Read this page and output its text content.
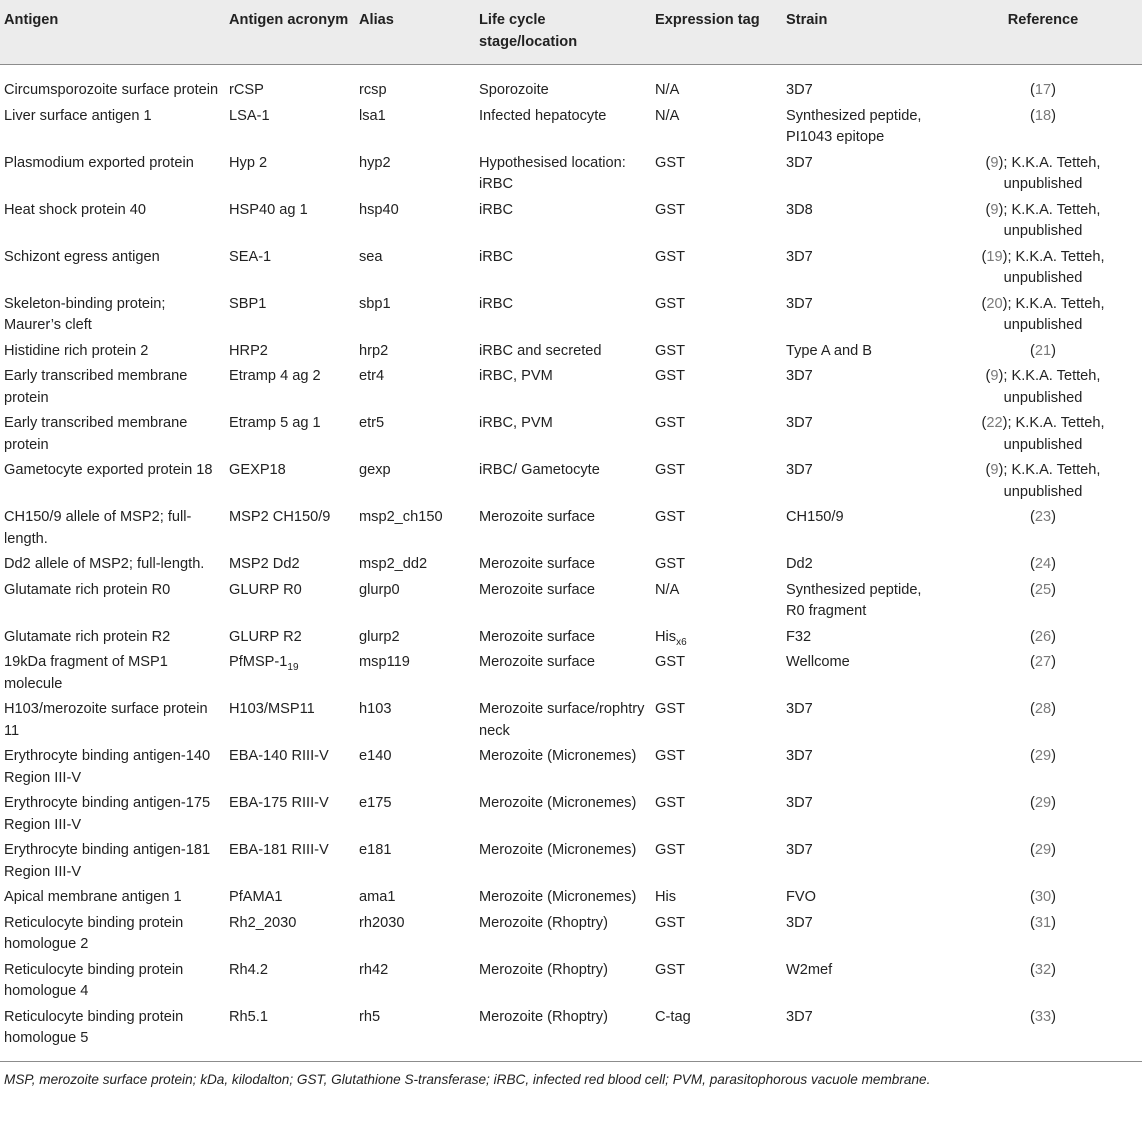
Antigen	Antigen acronym	Alias	Life cycle stage/location	Expression tag	Strain	Reference
Circumsporozoite surface protein	rCSP	rcsp	Sporozoite	N/A	3D7	(17)
Liver surface antigen 1	LSA-1	lsa1	Infected hepatocyte	N/A	Synthesized peptide, PI1043 epitope	(18)
Plasmodium exported protein	Hyp 2	hyp2	Hypothesised location: iRBC	GST	3D7	(9); K.K.A. Tetteh, unpublished
Heat shock protein 40	HSP40 ag 1	hsp40	iRBC	GST	3D8	(9); K.K.A. Tetteh, unpublished
Schizont egress antigen	SEA-1	sea	iRBC	GST	3D7	(19); K.K.A. Tetteh, unpublished
Skeleton-binding protein; Maurer’s cleft	SBP1	sbp1	iRBC	GST	3D7	(20); K.K.A. Tetteh, unpublished
Histidine rich protein 2	HRP2	hrp2	iRBC and secreted	GST	Type A and B	(21)
Early transcribed membrane protein	Etramp 4 ag 2	etr4	iRBC, PVM	GST	3D7	(9); K.K.A. Tetteh, unpublished
Early transcribed membrane protein	Etramp 5 ag 1	etr5	iRBC, PVM	GST	3D7	(22); K.K.A. Tetteh, unpublished
Gametocyte exported protein 18	GEXP18	gexp	iRBC/ Gametocyte	GST	3D7	(9); K.K.A. Tetteh, unpublished
CH150/9 allele of MSP2; full-length.	MSP2 CH150/9	msp2_ch150	Merozoite surface	GST	CH150/9	(23)
Dd2 allele of MSP2; full-length.	MSP2 Dd2	msp2_dd2	Merozoite surface	GST	Dd2	(24)
Glutamate rich protein R0	GLURP R0	glurp0	Merozoite surface	N/A	Synthesized peptide, R0 fragment	(25)
Glutamate rich protein R2	GLURP R2	glurp2	Merozoite surface	His$_{x6}$	F32	(26)
19kDa fragment of MSP1 molecule	PfMSP-$1_{19}$	msp119	Merozoite surface	GST	Wellcome	(27)
H103/merozoite surface protein 11	H103/MSP11	h103	Merozoite surface/rophtry neck	GST	3D7	(28)
Erythrocyte binding antigen-140 Region III-V	EBA-140 RIII-V	e140	Merozoite (Micronemes)	GST	3D7	(29)
Erythrocyte binding antigen-175 Region III-V	EBA-175 RIII-V	e175	Merozoite (Micronemes)	GST	3D7	(29)
Erythrocyte binding antigen-181 Region III-V	EBA-181 RIII-V	e181	Merozoite (Micronemes)	GST	3D7	(29)
Apical membrane antigen 1	PfAMA1	ama1	Merozoite (Micronemes)	His	FVO	(30)
Reticulocyte binding protein homologue 2	Rh2_2030	rh2030	Merozoite (Rhoptry)	GST	3D7	(31)
Reticulocyte binding protein homologue 4	Rh4.2	rh42	Merozoite (Rhoptry)	GST	W2mef	(32)
Reticulocyte binding protein homologue 5	Rh5.1	rh5	Merozoite (Rhoptry)	C-tag	3D7	(33)
MSP, merozoite surface protein; kDa, kilodalton; GST, Glutathione S-transferase; iRBC, infected red blood cell; PVM, parasitophorous vacuole membrane.
